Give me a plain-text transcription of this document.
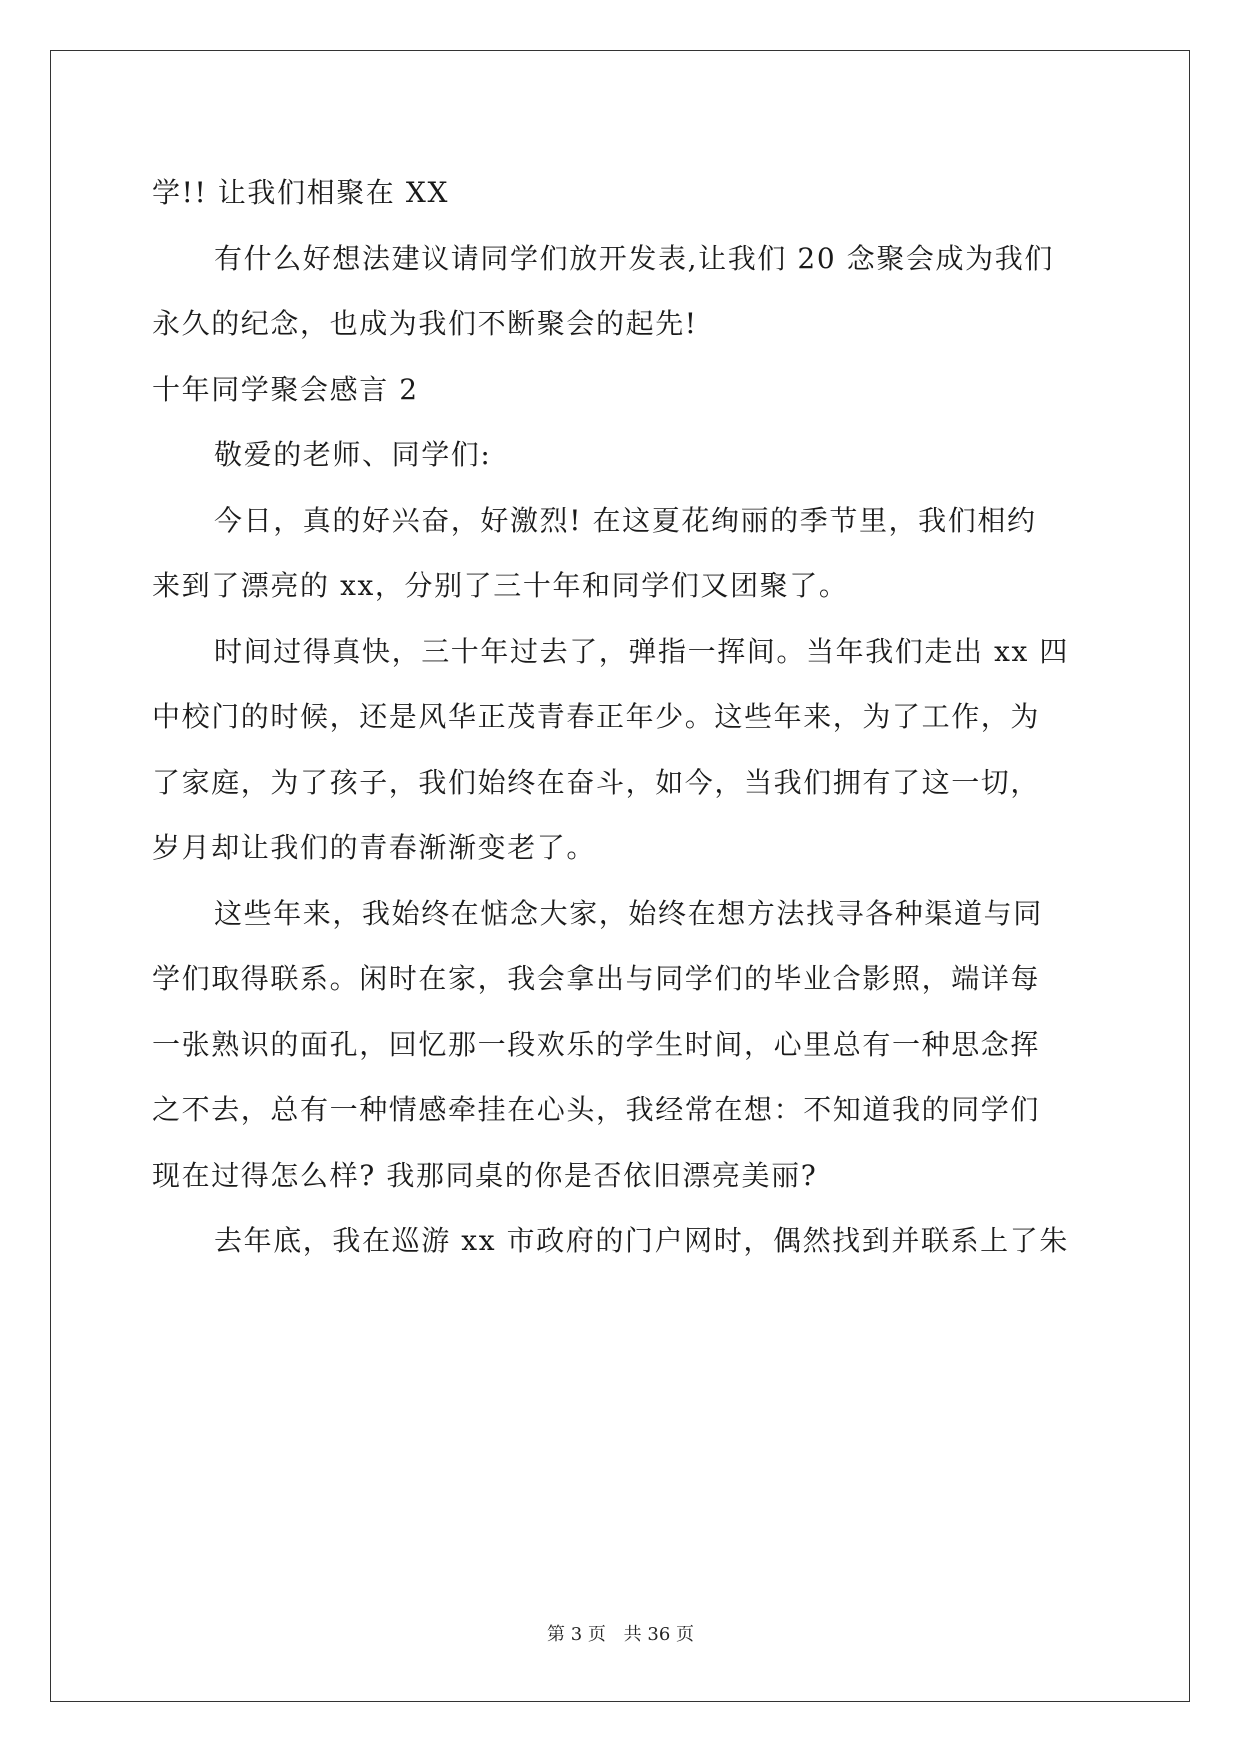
学!! 让我们相聚在 XX

有什么好想法建议请同学们放开发表,让我们 20 念聚会成为我们

永久的纪念，也成为我们不断聚会的起先!

十年同学聚会感言 2

敬爱的老师、同学们:

今日，真的好兴奋，好激烈! 在这夏花绚丽的季节里，我们相约

来到了漂亮的 xx，分别了三十年和同学们又团聚了。

时间过得真快，三十年过去了，弹指一挥间。当年我们走出 xx 四

中校门的时候，还是风华正茂青春正年少。这些年来，为了工作，为

了家庭，为了孩子，我们始终在奋斗，如今，当我们拥有了这一切，

岁月却让我们的青春渐渐变老了。

这些年来，我始终在惦念大家，始终在想方法找寻各种渠道与同

学们取得联系。闲时在家，我会拿出与同学们的毕业合影照，端详每

一张熟识的面孔，回忆那一段欢乐的学生时间，心里总有一种思念挥

之不去，总有一种情感牵挂在心头，我经常在想：不知道我的同学们

现在过得怎么样? 我那同桌的你是否依旧漂亮美丽?

去年底，我在巡游 xx 市政府的门户网时，偶然找到并联系上了朱

第 3 页 共 36 页
